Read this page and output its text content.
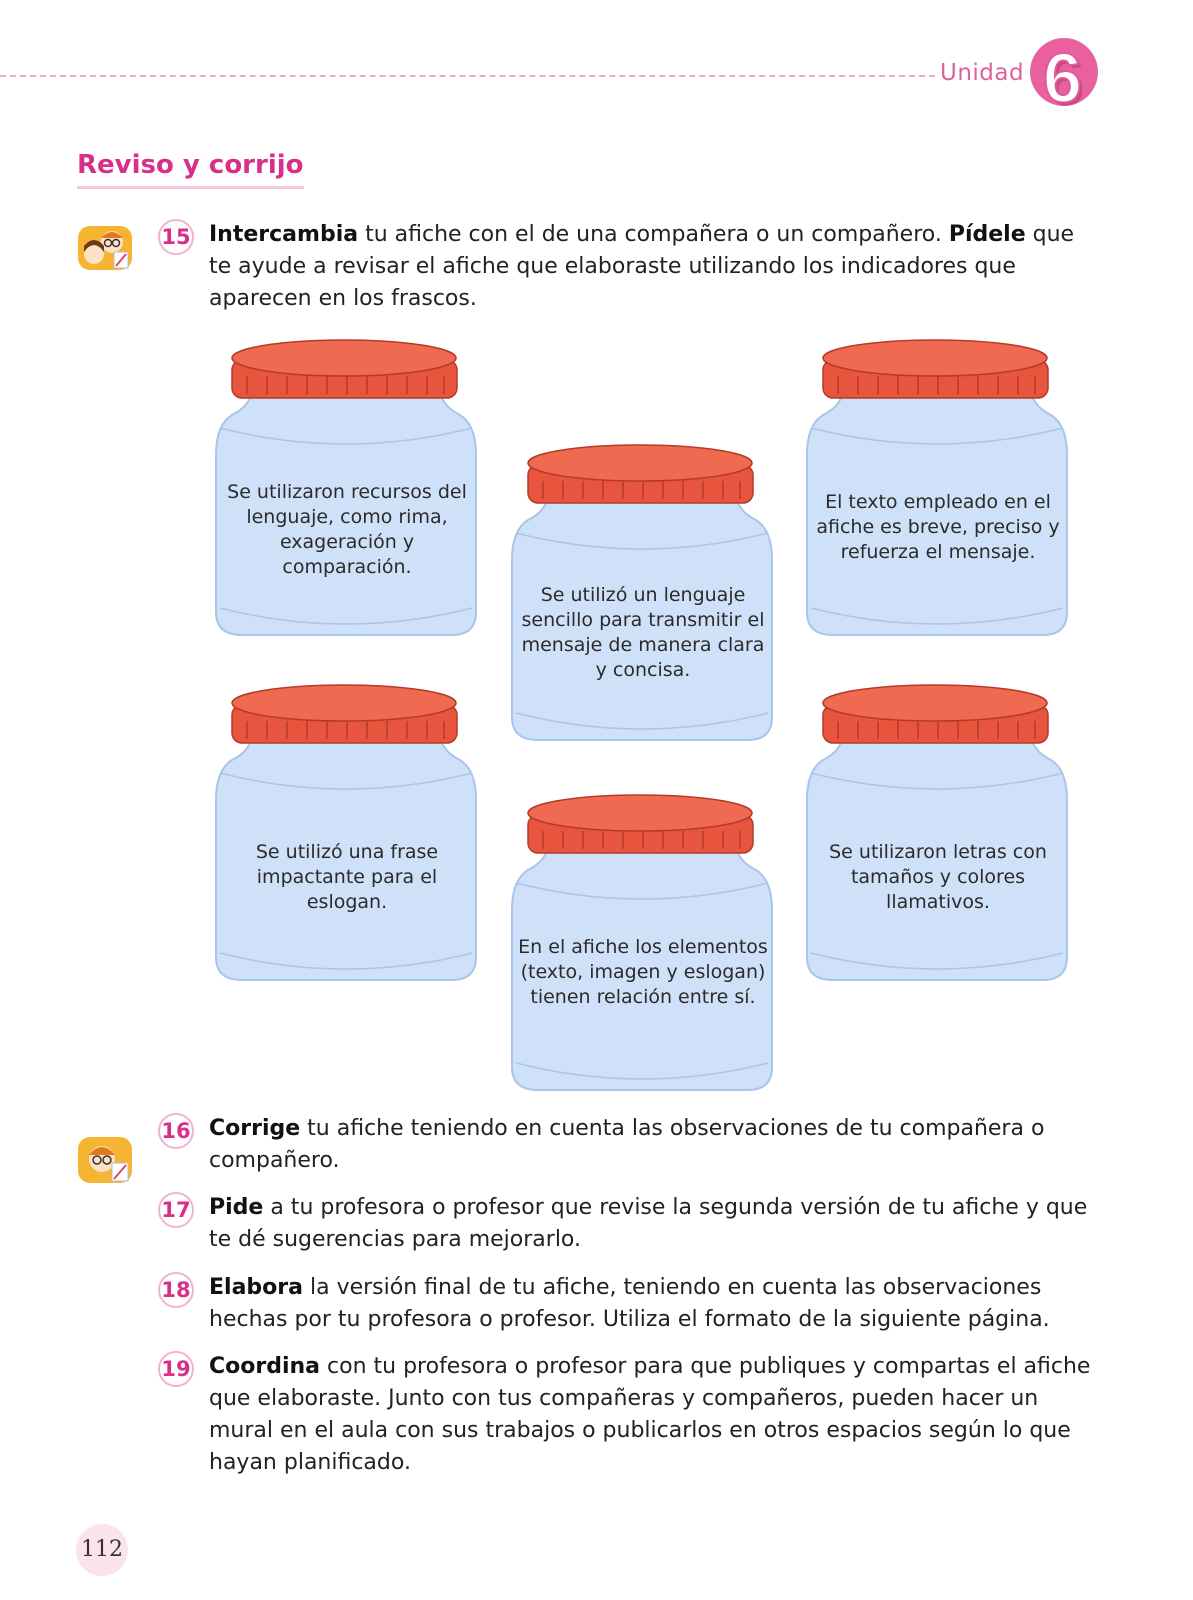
Unidad 6
Reviso y corrijo
15 Intercambia tu afiche con el de una compañera o un compañero. Pídele que te ayude a revisar el afiche que elaboraste utilizando los indicadores que aparecen en los frascos.

Se utilizaron recursos del lenguaje, como rima, exageración y comparación.

Se utilizó un lenguaje sencillo para transmitir el mensaje de manera clara y concisa.

El texto empleado en el afiche es breve, preciso y refuerza el mensaje.

Se utilizó una frase impactante para el eslogan.

En el afiche los elementos (texto, imagen y eslogan) tienen relación entre sí.

Se utilizaron letras con tamaños y colores llamativos.

16 Corrige tu afiche teniendo en cuenta las observaciones de tu compañera o compañero.

17 Pide a tu profesora o profesor que revise la segunda versión de tu afiche y que te dé sugerencias para mejorarlo.

18 Elabora la versión final de tu afiche, teniendo en cuenta las observaciones hechas por tu profesora o profesor. Utiliza el formato de la siguiente página.

19 Coordina con tu profesora o profesor para que publiques y compartas el afiche que elaboraste. Junto con tus compañeras y compañeros, pueden hacer un mural en el aula con sus trabajos o publicarlos en otros espacios según lo que hayan planificado.

112
